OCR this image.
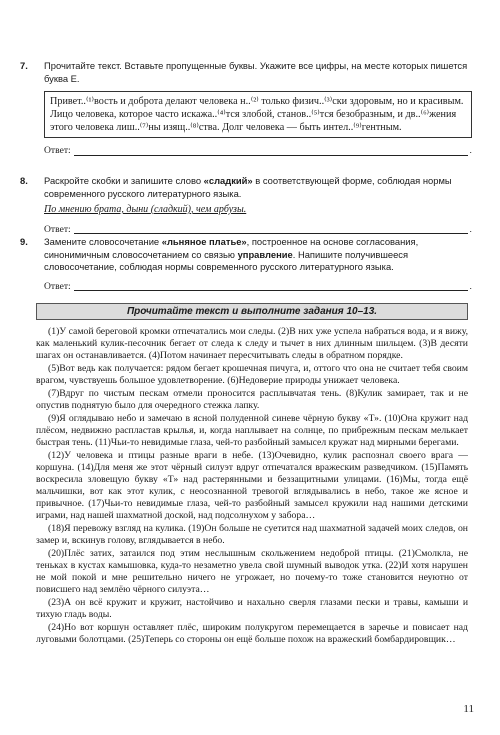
7. Прочитайте текст. Вставьте пропущенные буквы. Укажите все цифры, на месте которых пишется буква Е.
Привет..⁽¹⁾вость и доброта делают человека н..⁽²⁾ только физич..⁽³⁾ски здоровым, но и красивым. Лицо человека, которое часто искажа..⁽⁴⁾тся злобой, станов..⁽⁵⁾тся безобразным, и дв..⁽⁶⁾жения этого человека лиш..⁽⁷⁾ны изящ..⁽⁸⁾ства. Долг человека — быть интел..⁽⁹⁾гентным.
Ответ:	.
8. Раскройте скобки и запишите слово «сладкий» в соответствующей форме, соблюдая нормы современного русского литературного языка.
По мнению брата, дыни (сладкий), чем арбузы.
Ответ:	.
9. Замените словосочетание «льняное платье», построенное на основе согласования, синонимичным словосочетанием со связью управление. Напишите получившееся словосочетание, соблюдая нормы современного русского литературного языка.
Ответ:	.
Прочитайте текст и выполните задания 10–13.

(1)У самой береговой кромки отпечатались мои следы. (2)В них уже успела набраться вода, и я вижу, как маленький кулик-песочник бегает от следа к следу и тычет в них длинным шильцем. (3)В десяти шагах он останавливается. (4)Потом начинает пересчитывать следы в обратном порядке.

(5)Вот ведь как получается: рядом бегает крошечная пичуга, и, оттого что она не считает тебя своим врагом, чувствуешь большое удовлетворение. (6)Недоверие природы унижает человека.

(7)Вдруг по чистым пескам отмели проносится расплывчатая тень. (8)Кулик замирает, так и не опустив поднятую было для очередного стежка лапку.

(9)Я оглядываю небо и замечаю в ясной полуденной синеве чёрную букву «Т». (10)Она кружит над плёсом, недвижно распластав крылья, и, когда наплывает на солнце, по прибрежным пескам мелькает быстрая тень. (11)Чьи-то невидимые глаза, чей-то разбойный замысел кружат над мирными берегами.

(12)У человека и птицы разные враги в небе. (13)Очевидно, кулик распознал своего врага — коршуна. (14)Для меня же этот чёрный силуэт вдруг отпечатался вражеским разведчиком. (15)Память воскресила зловещую букву «Т» над растерянными и беззащитными улицами. (16)Мы, тогда ещё мальчишки, вот как этот кулик, с неосознанной тревогой вглядывались в небо, такое же ясное и привычное. (17)Чьи-то невидимые глаза, чей-то разбойный замысел кружили над нашими детскими играми, над нашей шахматной доской, над подсолнухом у забора…

(18)Я перевожу взгляд на кулика. (19)Он больше не суетится над шахматной задачей моих следов, он замер и, вскинув голову, вглядывается в небо.

(20)Плёс затих, затаился под этим неслышным скольжением недоброй птицы. (21)Смолкла, не теньках в кустах камышовка, куда-то незаметно увела свой шумный выводок утка. (22)И хотя нарушен не мой покой и мне решительно ничего не угрожает, но почему-то тоже становится неуютно от повисшего над землёю чёрного силуэта…

(23)А он всё кружит и кружит, настойчиво и нахально сверля глазами пески и травы, камыши и тихую гладь воды.

(24)Но вот коршун оставляет плёс, широким полукругом перемещается в заречье и повисает над луговыми болотцами. (25)Теперь со стороны он ещё больше похож на вражеский бомбардировщик…

11
